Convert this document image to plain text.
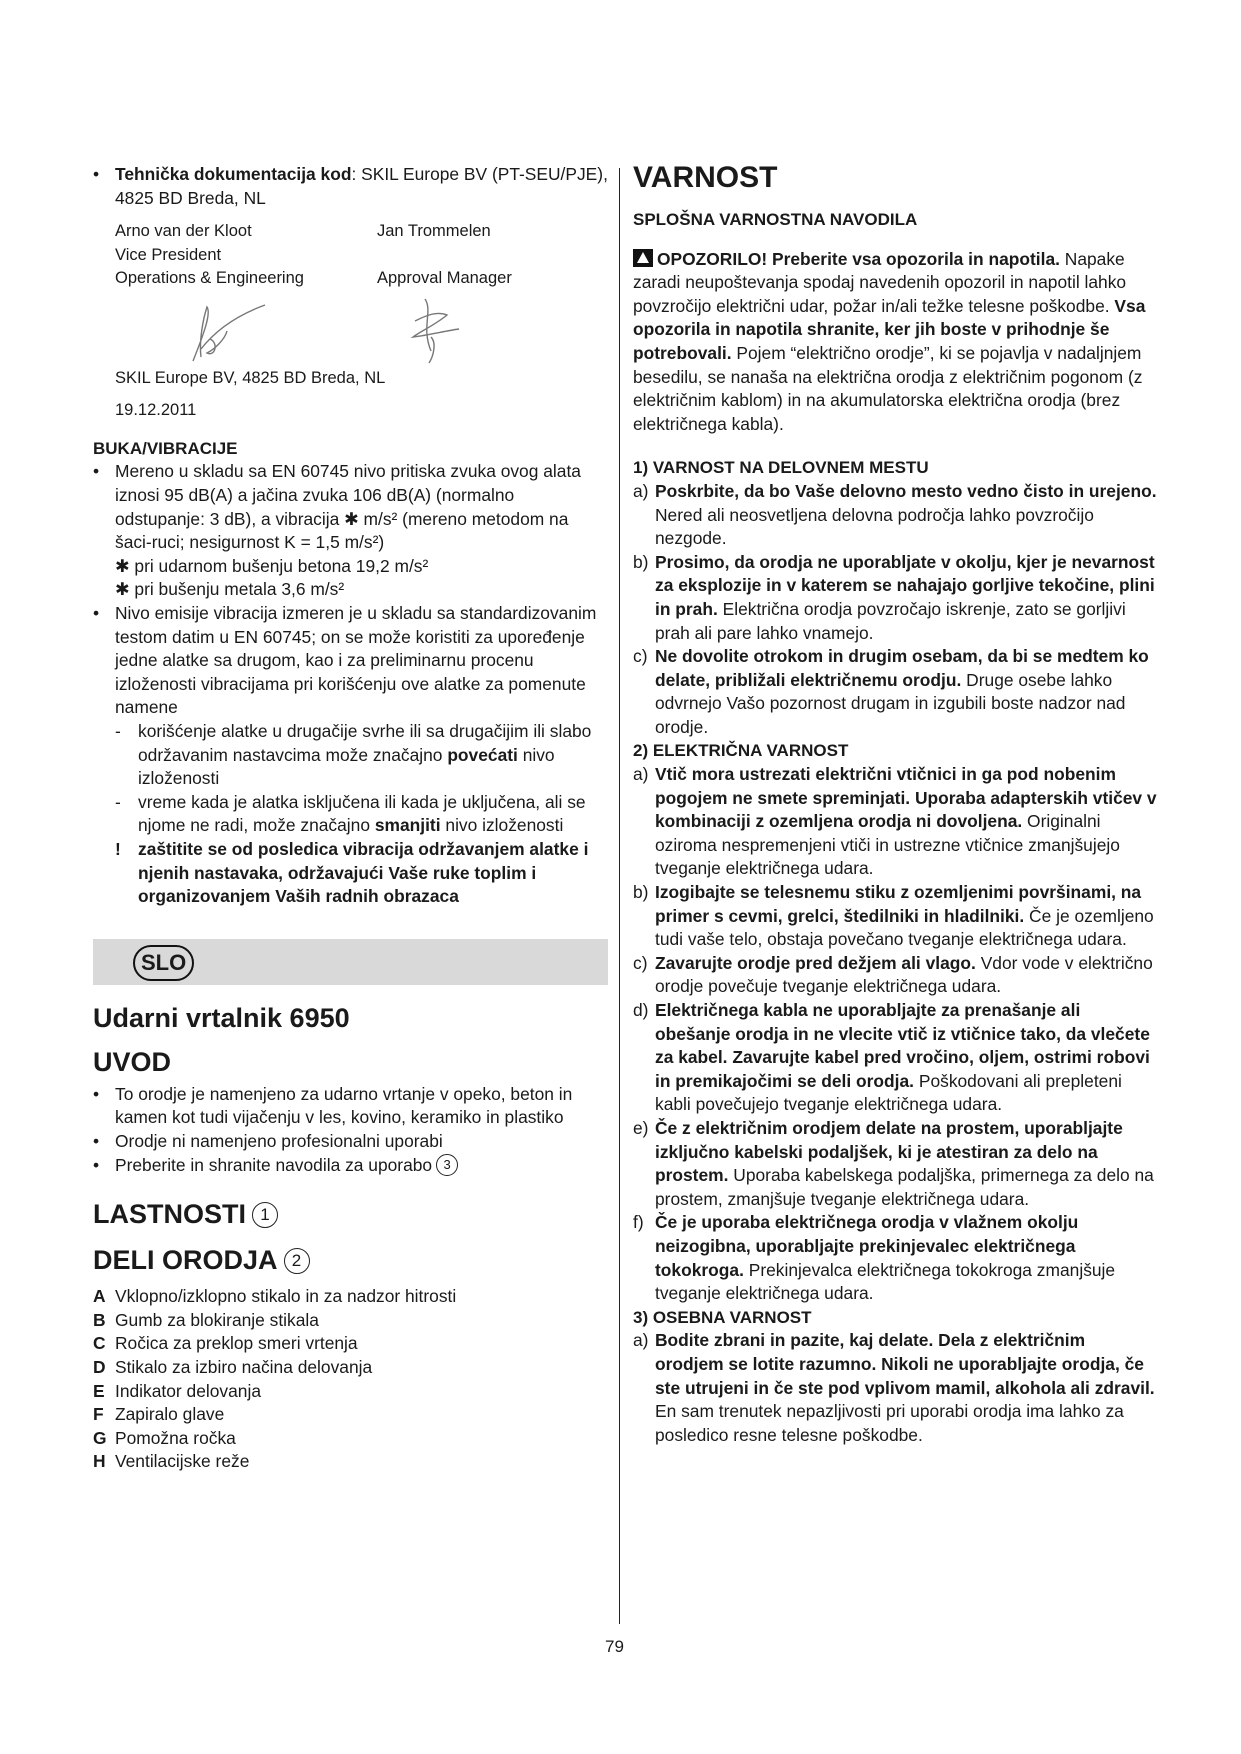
• Tehnička dokumentacija kod: SKIL Europe BV (PT-SEU/PJE), 4825 BD Breda, NL
Arno van der Kloot	Jan Trommelen
Vice President
Operations & Engineering	Approval Manager

SKIL Europe BV, 4825 BD Breda, NL

19.12.2011

BUKA/VIBRACIJE

• Mereno u skladu sa EN 60745 nivo pritiska zvuka ovog alata iznosi 95 dB(A) a jačina zvuka 106 dB(A) (normalno odstupanje: 3 dB), a vibracija ✱ m/s² (mereno metodom na šaci-ruci; nesigurnost K = 1,5 m/s²)
✱ pri udarnom bušenju betona 19,2 m/s²
✱ pri bušenju metala 3,6 m/s²
• Nivo emisije vibracija izmeren je u skladu sa standardizovanim testom datim u EN 60745; on se može koristiti za upoređenje jedne alatke sa drugom, kao i za preliminarnu procenu izloženosti vibracijama pri korišćenju ove alatke za pomenute namene
- korišćenje alatke u drugačije svrhe ili sa drugačijim ili slabo održavanim nastavcima može značajno povećati nivo izloženosti
- vreme kada je alatka isključena ili kada je uključena, ali se njome ne radi, može značajno smanjiti nivo izloženosti
! zaštitite se od posledica vibracija održavanjem alatke i njenih nastavaka, održavajući Vaše ruke toplim i organizovanjem Vaših radnih obrazaca
SLO

Udarni vrtalnik 6950

UVOD

• To orodje je namenjeno za udarno vrtanje v opeko, beton in kamen kot tudi vijačenju v les, kovino, keramiko in plastiko
• Orodje ni namenjeno profesionalni uporabi
• Preberite in shranite navodila za uporabo 3

LASTNOSTI 1

DELI ORODJA 2

A Vklopno/izklopno stikalo in za nadzor hitrosti
B Gumb za blokiranje stikala
C Ročica za preklop smeri vrtenja
D Stikalo za izbiro načina delovanja
E Indikator delovanja
F Zapiralo glave
G Pomožna ročka
H Ventilacijske reže

VARNOST

SPLOŠNA VARNOSTNA NAVODILA

OPOZORILO! Preberite vsa opozorila in napotila. Napake zaradi neupoštevanja spodaj navedenih opozoril in napotil lahko povzročijo električni udar, požar in/ali težke telesne poškodbe. Vsa opozorila in napotila shranite, ker jih boste v prihodnje še potrebovali. Pojem “električno orodje”, ki se pojavlja v nadaljnjem besedilu, se nanaša na električna orodja z električnim pogonom (z električnim kablom) in na akumulatorska električna orodja (brez električnega kabla).

1) VARNOST NA DELOVNEM MESTU

a) Poskrbite, da bo Vaše delovno mesto vedno čisto in urejeno. Nered ali neosvetljena delovna področja lahko povzročijo nezgode.
b) Prosimo, da orodja ne uporabljate v okolju, kjer je nevarnost za eksplozije in v katerem se nahajajo gorljive tekočine, plini in prah. Električna orodja povzročajo iskrenje, zato se gorljivi prah ali pare lahko vnamejo.
c) Ne dovolite otrokom in drugim osebam, da bi se medtem ko delate, približali električnemu orodju. Druge osebe lahko odvrnejo Vašo pozornost drugam in izgubili boste nadzor nad orodje.

2) ELEKTRIČNA VARNOST

a) Vtič mora ustrezati električni vtičnici in ga pod nobenim pogojem ne smete spreminjati. Uporaba adapterskih vtičev v kombinaciji z ozemljena orodja ni dovoljena. Originalni oziroma nespremenjeni vtiči in ustrezne vtičnice zmanjšujejo tveganje električnega udara.
b) Izogibajte se telesnemu stiku z ozemljenimi površinami, na primer s cevmi, grelci, štedilniki in hladilniki. Če je ozemljeno tudi vaše telo, obstaja povečano tveganje električnega udara.
c) Zavarujte orodje pred dežjem ali vlago. Vdor vode v električno orodje povečuje tveganje električnega udara.
d) Električnega kabla ne uporabljajte za prenašanje ali obešanje orodja in ne vlecite vtič iz vtičnice tako, da vlečete za kabel. Zavarujte kabel pred vročino, oljem, ostrimi robovi in premikajočimi se deli orodja. Poškodovani ali prepleteni kabli povečujejo tveganje električnega udara.
e) Če z električnim orodjem delate na prostem, uporabljajte izključno kabelski podaljšek, ki je atestiran za delo na prostem. Uporaba kabelskega podaljška, primernega za delo na prostem, zmanjšuje tveganje električnega udara.
f) Če je uporaba električnega orodja v vlažnem okolju neizogibna, uporabljajte prekinjevalec električnega tokokroga. Prekinjevalca električnega tokokroga zmanjšuje tveganje električnega udara.

3) OSEBNA VARNOST

a) Bodite zbrani in pazite, kaj delate. Dela z električnim orodjem se lotite razumno. Nikoli ne uporabljajte orodja, če ste utrujeni in če ste pod vplivom mamil, alkohola ali zdravil. En sam trenutek nepazljivosti pri uporabi orodja ima lahko za posledico resne telesne poškodbe.
79
